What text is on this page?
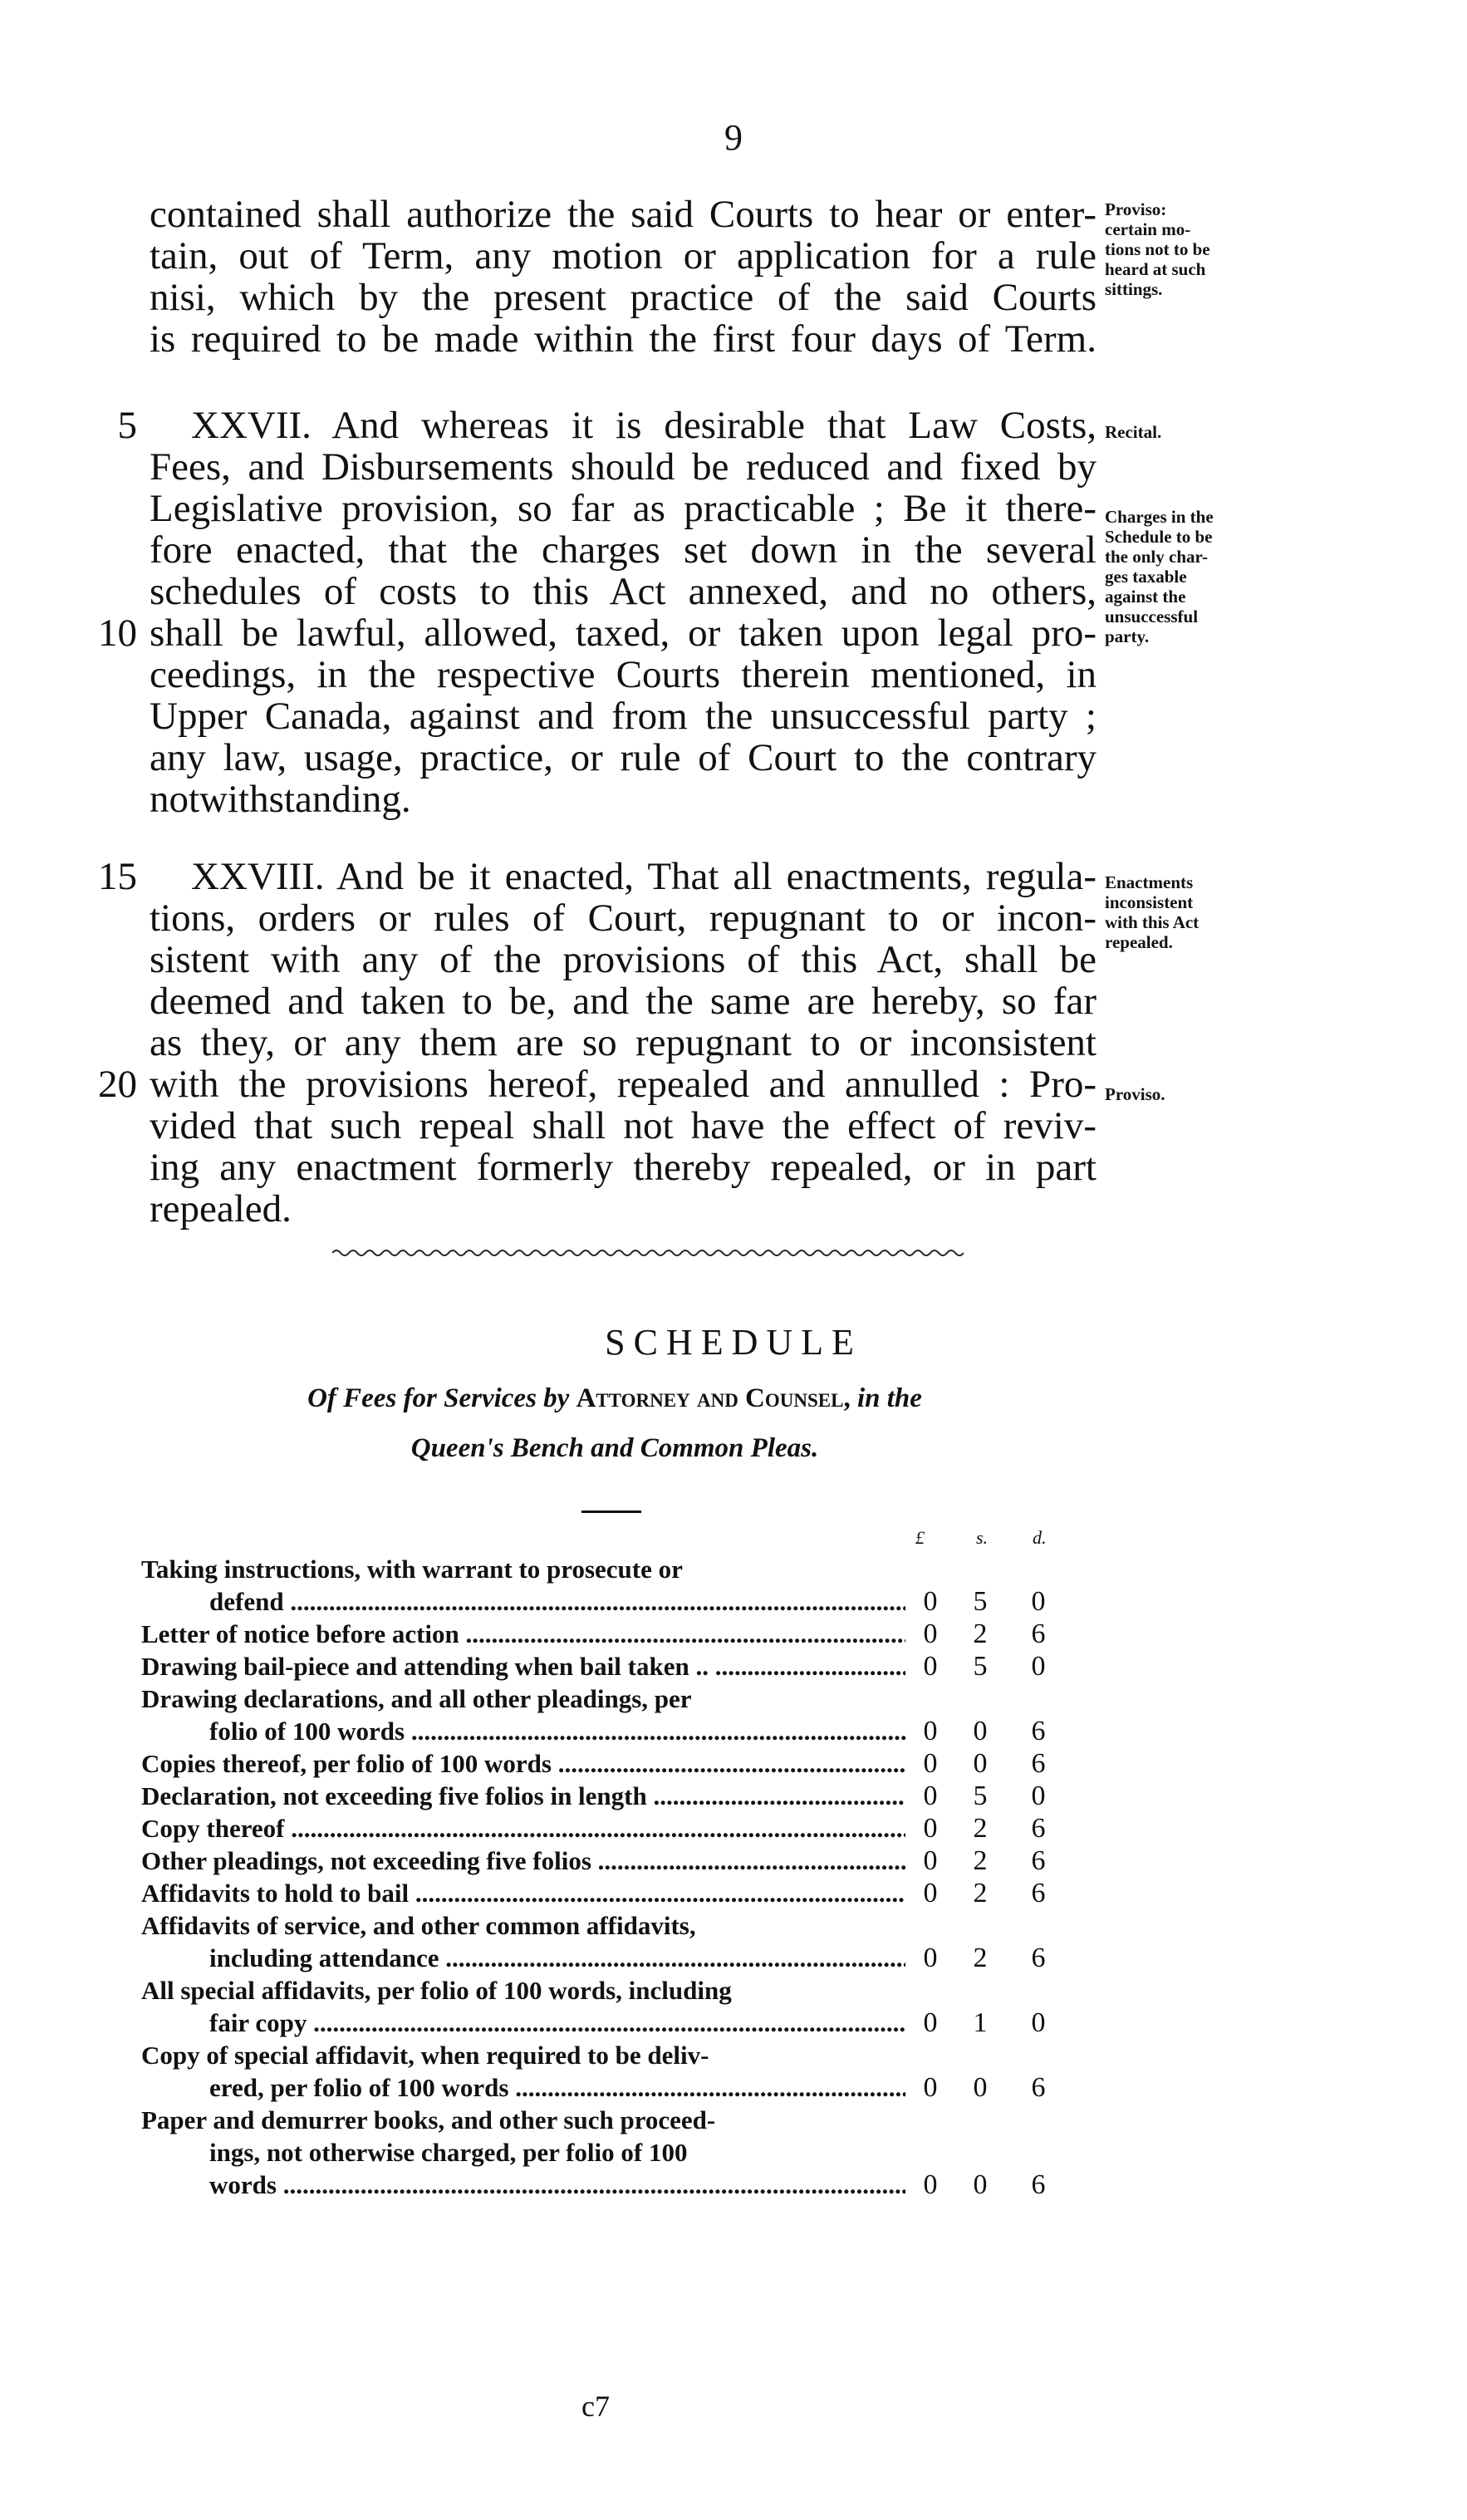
9
contained shall authorize the said Courts to hear or enter-
tain, out of Term, any motion or application for a rule
nisi, which by the present practice of the said Courts
is required to be made within the first four days of Term.
Proviso:
certain mo-
tions not to be
heard at such
sittings.
5
10
XXVII. And whereas it is desirable that Law Costs,
Fees, and Disbursements should be reduced and fixed by
Legislative provision, so far as practicable ; Be it there-
fore enacted, that the charges set down in the several
schedules of costs to this Act annexed, and no others,
shall be lawful, allowed, taxed, or taken upon legal pro-
ceedings, in the respective Courts therein mentioned, in
Upper Canada, against and from the unsuccessful party ;
any law, usage, practice, or rule of Court to the contrary
notwithstanding.
Recital.
Charges in the
Schedule to be
the only char-
ges taxable
against the
unsuccessful
party.
15
20
XXVIII. And be it enacted, That all enactments, regula-
tions, orders or rules of Court, repugnant to or incon-
sistent with any of the provisions of this Act, shall be
deemed and taken to be, and the same are hereby, so far
as they, or any them are so repugnant to or inconsistent
with the provisions hereof, repealed and annulled : Pro-
vided that such repeal shall not have the effect of reviv-
ing any enactment formerly thereby repealed, or in part
repealed.
Enactments
inconsistent
with this Act
repealed.
Proviso.
SCHEDULE
Of Fees for Services by Attorney and Counsel, in the
Queen's Bench and Common Pleas.
£	s. d.
Taking instructions, with warrant to prosecute or
defend .....	0	5	0
Letter of notice before action .....	0	2	6
Drawing bail-piece and attending when bail taken .. .....	0	5	0
Drawing declarations, and all other pleadings, per
folio of 100 words .....	0	0	6
Copies thereof, per folio of 100 words .....	0	0	6
Declaration, not exceeding five folios in length .....	0	5	0
Copy thereof .....	0	2	6
Other pleadings, not exceeding five folios .....	0	2	6
Affidavits to hold to bail .....	0	2	6
Affidavits of service, and other common affidavits,
including attendance .....	0	2	6
All special affidavits, per folio of 100 words, including
fair copy .....	0	1	0
Copy of special affidavit, when required to be deliv-
ered, per folio of 100 words .....	0	0	6
Paper and demurrer books, and other such proceed-
ings, not otherwise charged, per folio of 100
words .....	0	0	6
c7
